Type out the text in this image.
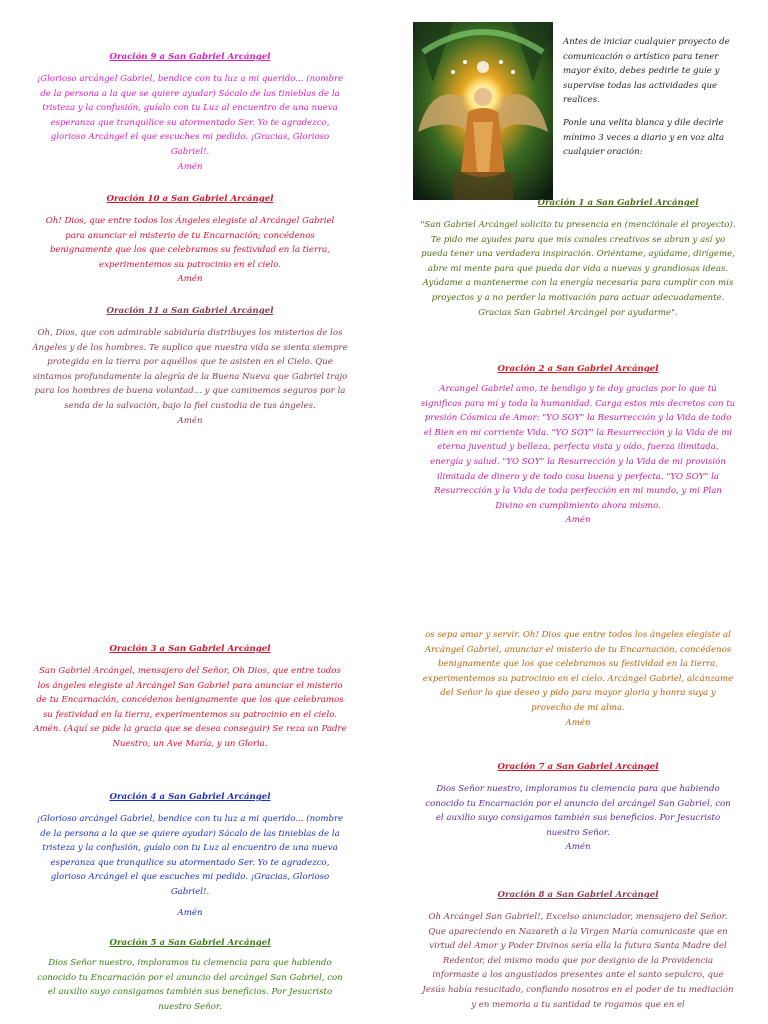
Oración 9 a San Gabriel Arcángel

¡Glorioso arcángel Gabriel, bendice con tu luz a mi querido... (nombre de la persona a la que se quiere ayudar) Sácalo de las tinieblas de la tristeza y la confusión, guíalo con tu Luz al encuentro de una nueva esperanza que tranquilice su atormentado Ser. Yo te agradezco, glorioso Arcángel el que escuches mi pedido. ¡Gracias, Glorioso Gabriel!.

Amén

Oración 10 a San Gabriel Arcángel

Oh! Dios, que entre todos los Ángeles elegiste al Arcángel Gabriel para anunciar el misterio de tu Encarnación; concédenos benignamente que los que celebramos su festividad en la tierra, experimentemos su patrocinio en el cielo.

Amén

Oración 11 a San Gabriel Arcángel

Oh, Dios, que con admirable sabiduría distribuyes los misterios de los Ángeles y de los hombres. Te suplico que nuestra vida se sienta siempre protegida en la tierra por aquéllos que te asisten en el Cielo. Que sintamos profundamente la alegría de la Buena Nueva que Gabriel trajo para los hombres de buena voluntad... y que caminemos seguros por la senda de la salvación, bajo la fiel custodia de tus ángeles.

Amén

Oración 3 a San Gabriel Arcángel

San Gabriel Arcángel, mensajero del Señor, Oh Dios, que entre todos los ángeles elegiste al Arcángel San Gabriel para anunciar el misterio de tu Encarnación, concédenos benignamente que los que celebramos su festividad en la tierra, experimentemos su patrocinio en el cielo. Amén. (Aquí se pide la gracia que se desea conseguir) Se reza un Padre Nuestro, un Ave María, y un Gloria.

Oración 4 a San Gabriel Arcángel

¡Glorioso arcángel Gabriel, bendice con tu luz a mi querido... (nombre de la persona a la que se quiere ayudar) Sácalo de las tinieblas de la tristeza y la confusión, guíalo con tu Luz al encuentro de una nueva esperanza que tranquilice su atormentado Ser. Yo te agradezco, glorioso Arcángel el que escuches mi pedido. ¡Gracias, Glorioso Gabriel!.

Amén

Oración 5 a San Gabriel Arcángel

Dios Señor nuestro, imploramos tu clemencia para que habiendo conocido tu Encarnación por el anuncio del arcángel San Gabriel, con el auxilio suyo consigamos también sus beneficios. Por Jesucristo nuestro Señor.

Antes de iniciar cualquier proyecto de comunicación o artístico para tener mayor éxito, debes pedirle te guíe y supervise todas las actividades que realices.

Ponle una velita blanca y dile decirle mínimo 3 veces a diario y en voz alta cualquier oración:

Oración 1 a San Gabriel Arcángel

"San Gabriel Arcángel solicito tu presencia en (menciónale el proyecto). Te pido me ayudes para que mis canales creativos se abran y así yo pueda tener una verdadera inspiración. Oriéntame, ayúdame, dirígeme, abre mi mente para que pueda dar vida a nuevas y grandiosas ideas. Ayúdame a mantenerme con la energía necesaria para cumplir con mis proyectos y a no perder la motivación para actuar adecuadamente. Gracias San Gabriel Arcángel por ayudarme".

Oración 2 a San Gabriel Arcángel

Arcangel Gabriel amo, te bendigo y te doy gracias por lo que tú significas para mí y toda la humanidad. Carga estos mis decretos con tu presión Cósmica de Amor: "YO SOY" la Resurrección y la Vida de todo el Bien en mi corriente Vida. "YO SOY" la Resurrección y la Vida de mi eterna juventud y belleza, perfecta vista y oído, fuerza ilimitada, energía y salud. "YO SOY" la Resurrección y la Vida de mi provisión ilimitada de dinero y de todo cosa buena y perfecta. "YO SOY" la Resurrección y la Vida de toda perfección en mi mundo, y mi Plan Divino en cumplimiento ahora mismo.

Amén

os sepa amar y servir. Oh! Dios que entre todos los ángeles elegiste al Arcángel Gabriel, anunciar el misterio de tu Encarnación, concédenos benignamente que los que celebramos su festividad en la tierra, experimentemos su patrocinio en el cielo. Arcángel Gabriel, alcánzame del Señor lo que deseo y pido para mayor gloria y honra suya y provecho de mi alma.

Amén

Oración 7 a San Gabriel Arcángel

Dios Señor nuestro, imploramos tu clemencia para que habiendo conocido tu Encarnación por el anuncio del arcángel San Gabriel, con el auxilio suyo consigamos también sus beneficios. Por Jesucristo nuestro Señor.

Amén

Oración 8 a San Gabriel Arcángel

Oh Arcángel San Gabriel!, Excelso anunciador, mensajero del Señor. Que apareciendo en Nazareth a la Virgen María comunicaste que en virtud del Amor y Poder Divinos sería ella la futura Santa Madre del Redentor, del mismo modo que por designio de la Providencia informaste a los angustiados presentes ante el santo sepulcro, que Jesús había resucitado, confiando nosotros en el poder de tu mediación y en memoria a tu santidad te rogamos que en el
